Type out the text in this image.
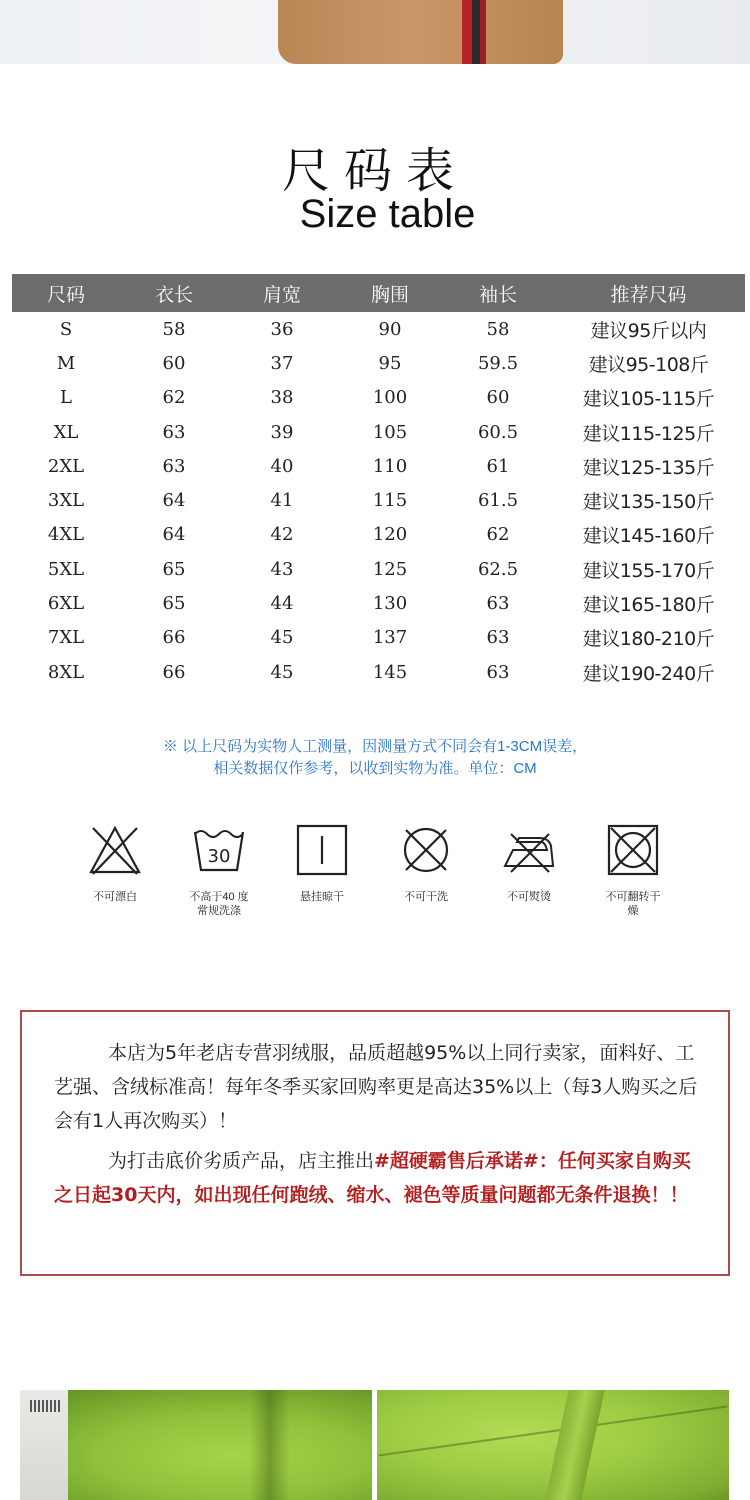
尺码表
Size table
尺码	衣长	肩宽	胸围	袖长	推荐尺码
S	58	36	90	58	建议95斤以内
M	60	37	95	59.5	建议95-108斤
L	62	38	100	60	建议105-115斤
XL	63	39	105	60.5	建议115-125斤
2XL	63	40	110	61	建议125-135斤
3XL	64	41	115	61.5	建议135-150斤
4XL	64	42	120	62	建议145-160斤
5XL	65	43	125	62.5	建议155-170斤
6XL	65	44	130	63	建议165-180斤
7XL	66	45	137	63	建议180-210斤
8XL	66	45	145	63	建议190-240斤
※ 以上尺码为实物人工测量，因测量方式不同会有1-3CM误差，
相关数据仅作参考，以收到实物为准。单位：CM
不可漂白
30
不高于40 度常规洗涤
悬挂晾干	不可干洗	不可熨烫	不可翻转干燥

本店为5年老店专营羽绒服，品质超越95%以上同行卖家，面料好、工艺强、含绒标准高！每年冬季买家回购率更是高达35%以上（每3人购买之后会有1人再次购买）！

为打击底价劣质产品，店主推出#超硬霸售后承诺#：任何买家自购买之日起30天内，如出现任何跑绒、缩水、褪色等质量问题都无条件退换！！
